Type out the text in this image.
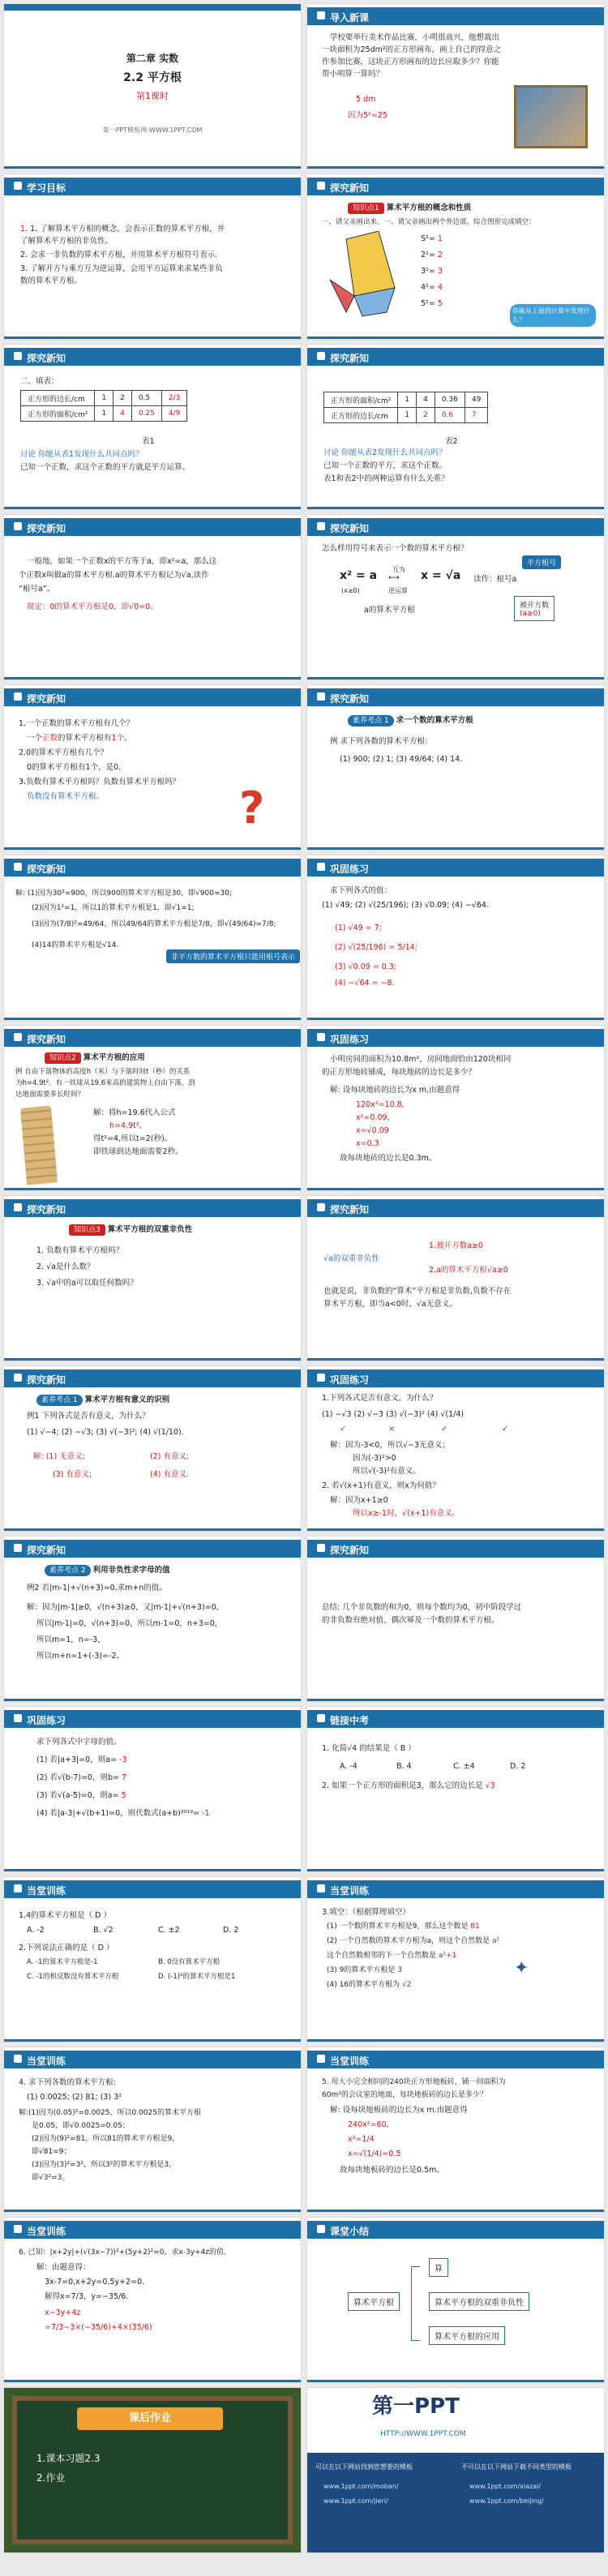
第二章 实数
2.2 平方根
第1课时
第一PPT模板网-WWW.1PPT.COM
导入新课
学校要举行美术作品比赛，小明很高兴，他想裁出
一块面积为25dm²的正方形画布，画上自己的得意之
作参加比赛，这块正方形画布的边长应取多少？你能
帮小明算一算吗？
5 dm
因为5²=25
学习目标
1. 1. 了解算术平方根的概念，会表示正数的算术平方根，并
了解算术平方根的非负性。
2. 会求一非负数的算术平方根，并用算术平方根符号表示.
3. 了解开方与乘方互为逆运算，会用平方运算来求某些非负
数的算术平方根。
探究新知
知识点1 算术平方根的概念和性质
一、请父亲画出来。一、请父亲画出两个外边部，综合图形完成填空：
S²= 1
2²= 2
3²= 3
4²= 4
5²= 5
你能从上面的计算中发现什么？
探究新知
二、填表：
正方形的边长/cm	1	2	0.5	2/3
正方形的面积/cm²	1	4	0.25	4/9
表1
讨论 你能从表1发现什么共同点吗？
已知一个正数，求这个正数的平方就是平方运算。
探究新知
正方形的面积/cm²	1	4	0.36	49
正方形的边长/cm	1	2	0.6	7
表2
讨论 你能从表2发现什么共同点吗？
已知一个正数的平方，求这个正数。
表1和表2中的两种运算有什么关系？
探究新知
一般地，如果一个正数x的平方等于a，即x²=a，那么这
个正数x叫做a的算术平方根.a的算术平方根记为√a,读作
“根号a”。
规定：0的算术平方根是0，即√0=0。
探究新知
怎么样用符号来表示一个数的算术平方根？
x² = a
(x≥0)
互为
⟷
逆运算
x = √a
平方根号
读作：根号a
a的算术平方根	被开方数
(a≥0)
探究新知
1.一个正数的算术平方根有几个？
一个正数的算术平方根有1个。
2.0的算术平方根有几个？
0的算术平方根有1个，是0.
3.负数有算术平方根吗？负数有算术平方根吗？
负数没有算术平方根。	?
探究新知
素养考点 1 求一个数的算术平方根
例 求下列各数的算术平方根：
(1) 900; (2) 1; (3) 49/64; (4) 14.
探究新知
解: (1)因为30²=900，所以900的算术平方根是30，即√900=30;
(2)因为1²=1，所以1的算术平方根是1，即√1=1;
(3)因为(7/8)²=49/64，所以49/64的算术平方根是7/8，即√(49/64)=7/8;
(4)14的算术平方根是√14.
非平方数的算术平方根只能用根号表示
巩固练习
求下列各式的值：
(1) √49; (2) √(25/196); (3) √0.09; (4) −√64.
(1) √49 = 7;
(2) √(25/196) = 5/14;
(3) √0.09 = 0.3;
(4) −√64 = −8.
探究新知
知识点2 算术平方根的应用
例 自由下落物体的高度h（米）与下落时间t（秒）的关系
为h=4.9t²。有一铁球从19.6米高的建筑物上自由下落，到
达地面需要多长时间？
解：将h=19.6代入公式
h=4.9t²,
得t²=4,所以t=2(秒)。
即铁球到达地面需要2秒。
巩固练习
小明房间的面积为10.8m²，房间地面恰由120块相同
的正方形地砖铺成，每块地砖的边长是多少？
解: 设每块地砖的边长为x m,由题意得
120x²=10.8,
x²=0.09,
x=√0.09
x=0.3
故每块地砖的边长是0.3m。
探究新知
知识点3 算术平方根的双重非负性
1. 负数有算术平方根吗？
2. √a是什么数？
3. √a中的a可以取任何数吗？
探究新知
√a的双重非负性
1.被开方数a≥0
2.a的算术平方根√a≥0
也就是说，非负数的“算术”平方根是非负数,负数不存在
算术平方根，即当a<0时，√a无意义。
探究新知
素养考点 1 算术平方根有意义的识别
例1 下列各式是否有意义，为什么？
(1) √−4; (2) −√3; (3) √(−3)²; (4) √(1/10).
解: (1) 无意义;	(2) 有意义;
(3) 有意义;	(4) 有意义.
巩固练习
1.下列各式是否有意义，为什么？
(1) −√3 (2) √−3 (3) √(−3)² (4) √(1/4)
✓	×	✓	✓
解：因为-3<0，所以√−3无意义；
因为(-3)²>0
所以√(-3)²有意义。
2. 若√(x+1)有意义，则x为何值？
解：因为x+1≥0
所以x≥-1时，√(x+1)有意义。
探究新知
素养考点 2 利用非负性求字母的值
例2 若|m-1|+√(n+3)=0,求m+n的值。
解：因为|m-1|≥0，√(n+3)≥0，又|m-1|+√(n+3)=0,
所以|m-1|=0，√(n+3)=0，所以m-1=0，n+3=0，
所以m=1，n=-3，
所以m+n=1+(-3)=-2。
探究新知
总结: 几个非负数的和为0，则每个数均为0，初中阶段学过
的非负数有绝对值、偶次幂及一个数的算术平方根。
巩固练习
求下列各式中字母的值。
(1) 若|a+3|=0，则a= -3
(2) 若√(b-7)=0，则b= 7
(3) 若√(a-5)=0，则a= 5
(4) 若|a-3|+√(b+1)=0，则代数式(a+b)²⁰¹⁹= -1
链接中考
1. 化简√4 的结果是（ B ）
A. -4	B. 4	C. ±4	D. 2
2. 如果一个正方形的面积是3，那么它的边长是 √3
当堂训练
1.4的算术平方根是（ D ）
A. -2	B. √2	C. ±2	D. 2
2.下列说法正确的是（ D ）
A. -1的算术平方根是-1	B. 0没有算术平方根
C. -1的相反数没有算术平方根	D. (-1)²的算术平方根是1
当堂训练
3.填空：（根据算理填空）
(1) 一个数的算术平方根是9，那么这个数是 81
(2) 一个自然数的算术平方根为a，则这个自然数是 a²
这个自然数相邻的下一个自然数是 a²+1
(3) 9的算术平方根是 3
(4) 16的算术平方根为 √2
✦
当堂训练
4. 求下列各数的算术平方根:
(1) 0.0025; (2) 81; (3) 3²
解:(1)因为(0.05)²=0.0025，所以0.0025的算术平方根
是0.05，即√0.0025=0.05；
(2)因为(9)²=81，所以81的算术平方根是9，
即√81=9；
(3)因为(3)²=3²，所以3²的算术平方根是3，
即√3²=3。
当堂训练
5. 用大小完全相同的240块正方形地板砖，铺一间面积为
60m²的会议室的地面，每块地板砖的边长是多少？
解: 设每块地板砖的边长为x m.由题意得
240x²=60,
x²=1/4
x=√(1/4)=0.5
故每块地板砖的边长是0.5m。
当堂训练
6. 已知：|x+2y|+(√(3x−7))²+(5y+2)²=0，求x-3y+4z的值.
解：由题意得：
3x-7=0,x+2y=0,5y+2=0.
解得x=7/3，y=−35/6.
x−3y+4z
=7/3−3×(−35/6)+4×(35/6)
课堂小结
算术平方根
算
算术平方根的双重非负性
算术平方根的应用
课后作业
1.课本习题2.3
2.作业
第一PPT
HTTP://WWW.1PPT.COM
可以在以下网站找到您想要的模板	不可以在以下网站下载不同类型的模板
www.1ppt.com/moban/
www.1ppt.com/jieri/
www.1ppt.com/xiazai/
www.1ppt.com/beijing/
